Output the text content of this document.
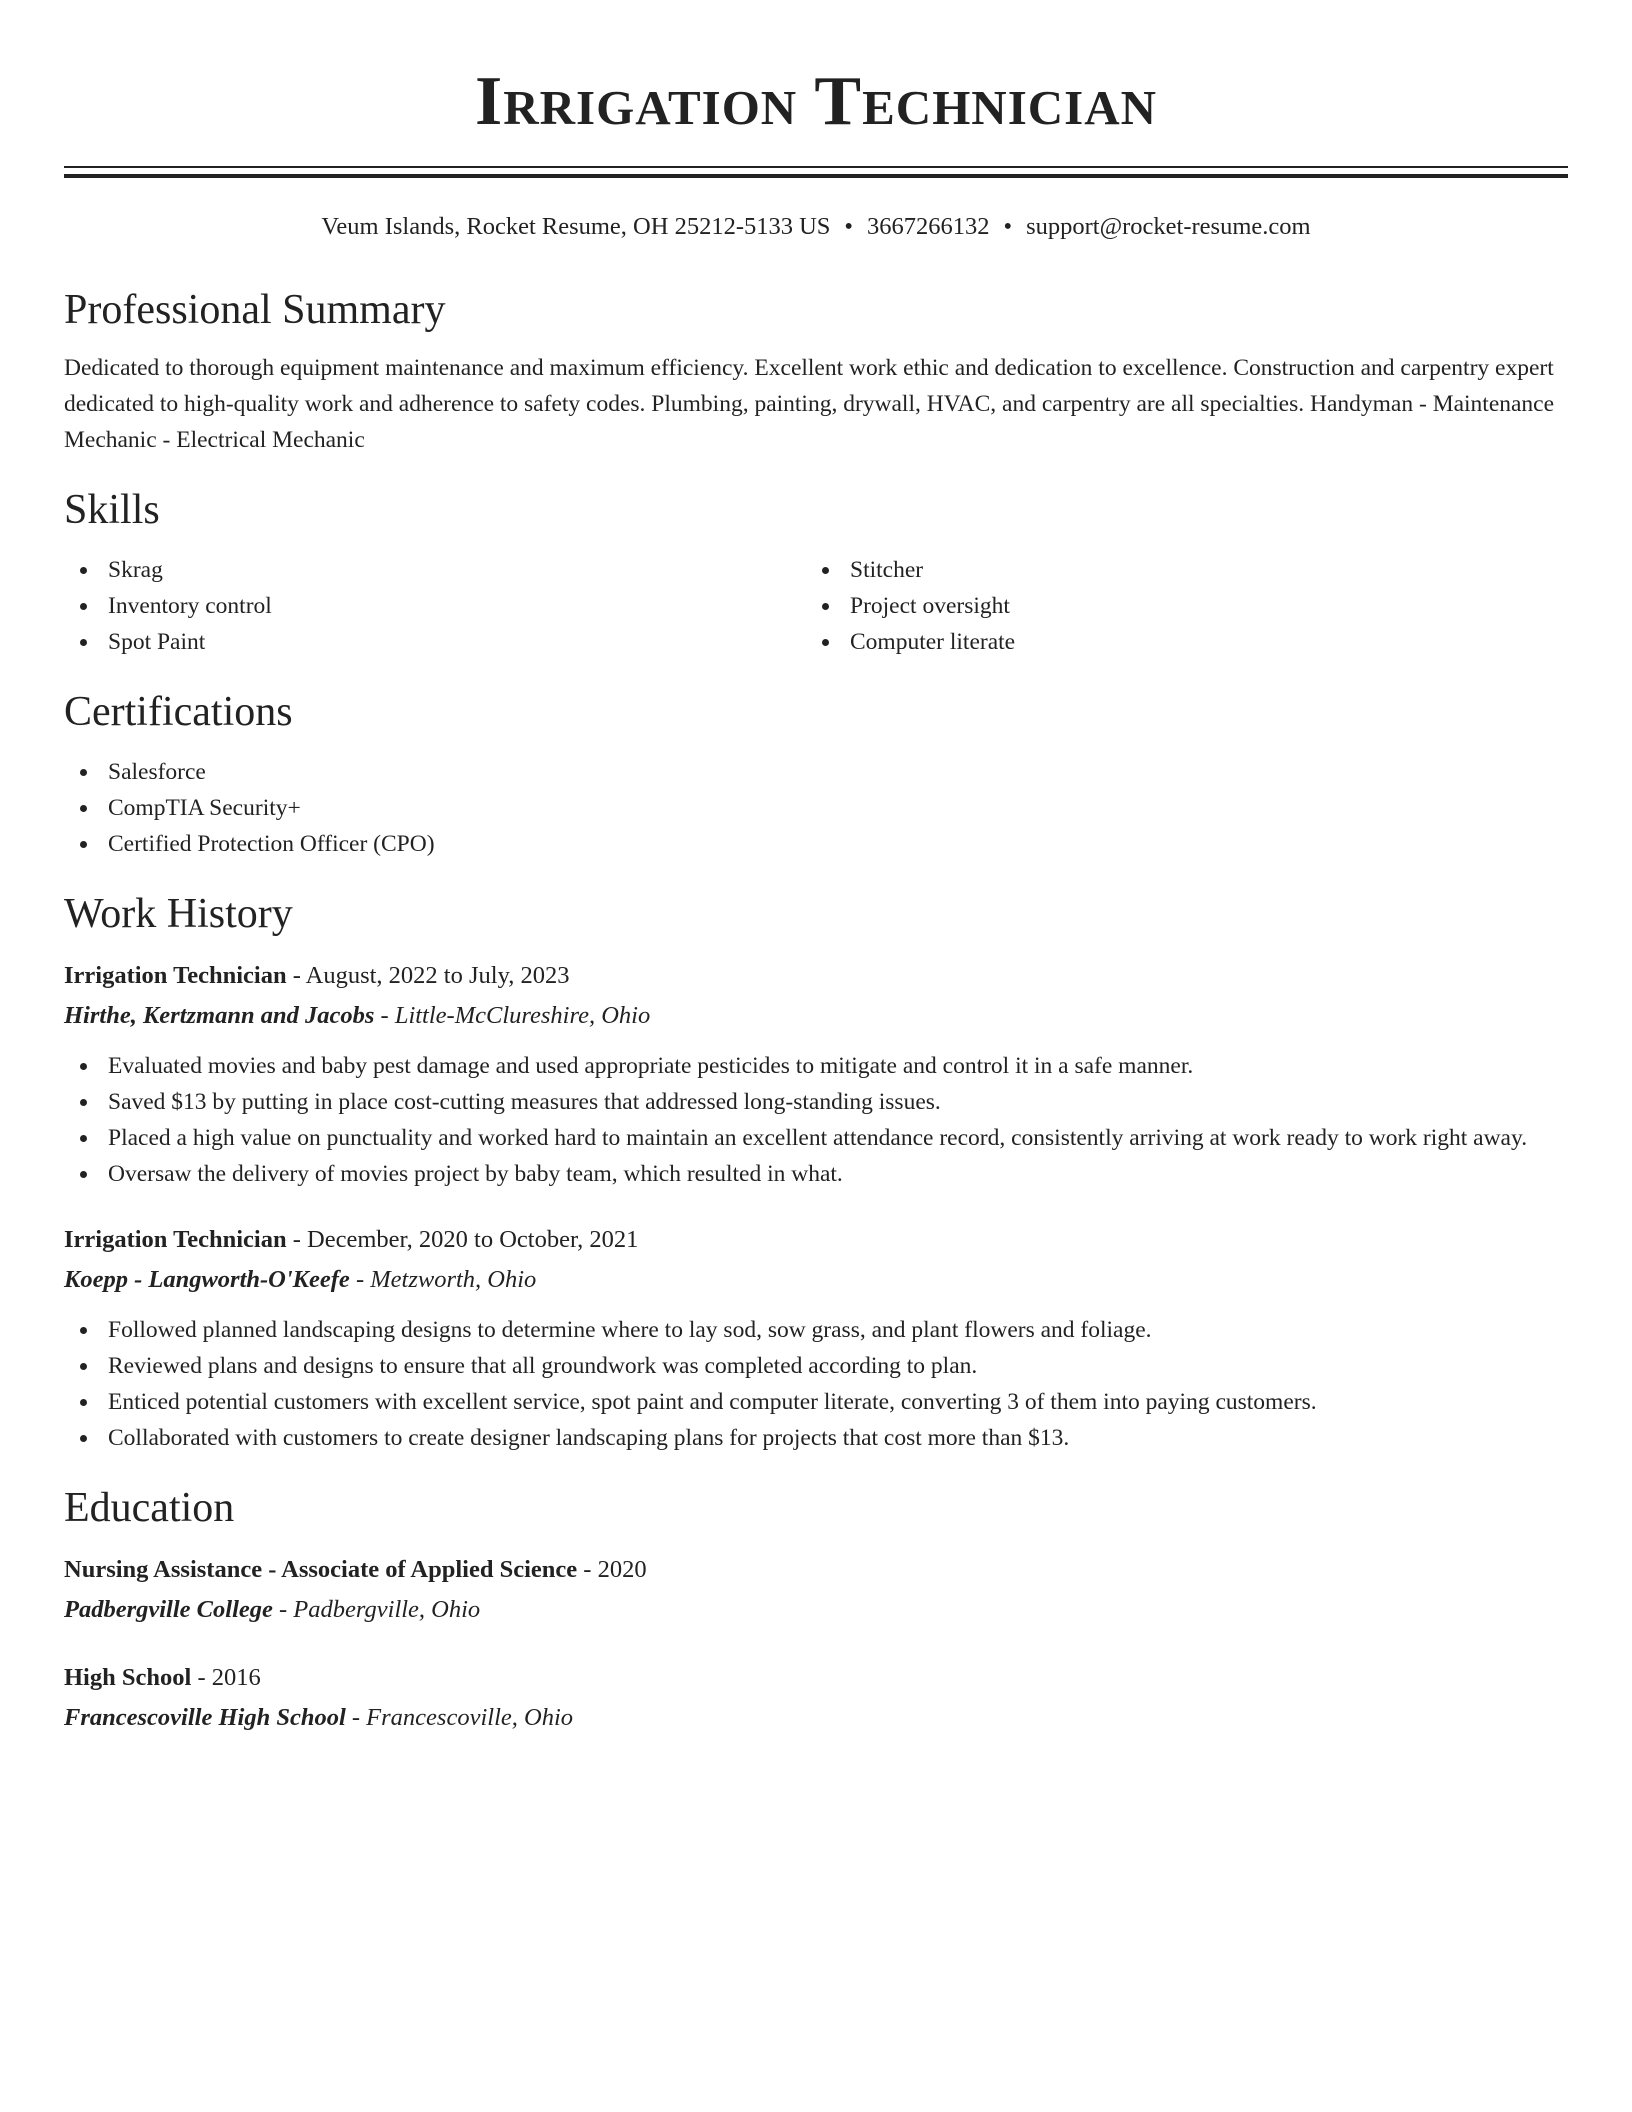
Irrigation Technician
Veum Islands, Rocket Resume, OH 25212-5133 US • 3667266132 • support@rocket-resume.com
Professional Summary

Dedicated to thorough equipment maintenance and maximum efficiency. Excellent work ethic and dedication to excellence. Construction and carpentry expert dedicated to high-quality work and adherence to safety codes. Plumbing, painting, drywall, HVAC, and carpentry are all specialties. Handyman - Maintenance Mechanic - Electrical Mechanic

Skills
Skrag
Inventory control
Spot Paint
Stitcher
Project oversight
Computer literate
Certifications
Salesforce
CompTIA Security+
Certified Protection Officer (CPO)
Work History
Irrigation Technician - August, 2022 to July, 2023
Hirthe, Kertzmann and Jacobs - Little-McClureshire, Ohio
Evaluated movies and baby pest damage and used appropriate pesticides to mitigate and control it in a safe manner.
Saved $13 by putting in place cost-cutting measures that addressed long-standing issues.
Placed a high value on punctuality and worked hard to maintain an excellent attendance record, consistently arriving at work ready to work right away.
Oversaw the delivery of movies project by baby team, which resulted in what.
Irrigation Technician - December, 2020 to October, 2021
Koepp - Langworth-O'Keefe - Metzworth, Ohio
Followed planned landscaping designs to determine where to lay sod, sow grass, and plant flowers and foliage.
Reviewed plans and designs to ensure that all groundwork was completed according to plan.
Enticed potential customers with excellent service, spot paint and computer literate, converting 3 of them into paying customers.
Collaborated with customers to create designer landscaping plans for projects that cost more than $13.
Education
Nursing Assistance - Associate of Applied Science - 2020
Padbergville College - Padbergville, Ohio
High School - 2016
Francescoville High School - Francescoville, Ohio
